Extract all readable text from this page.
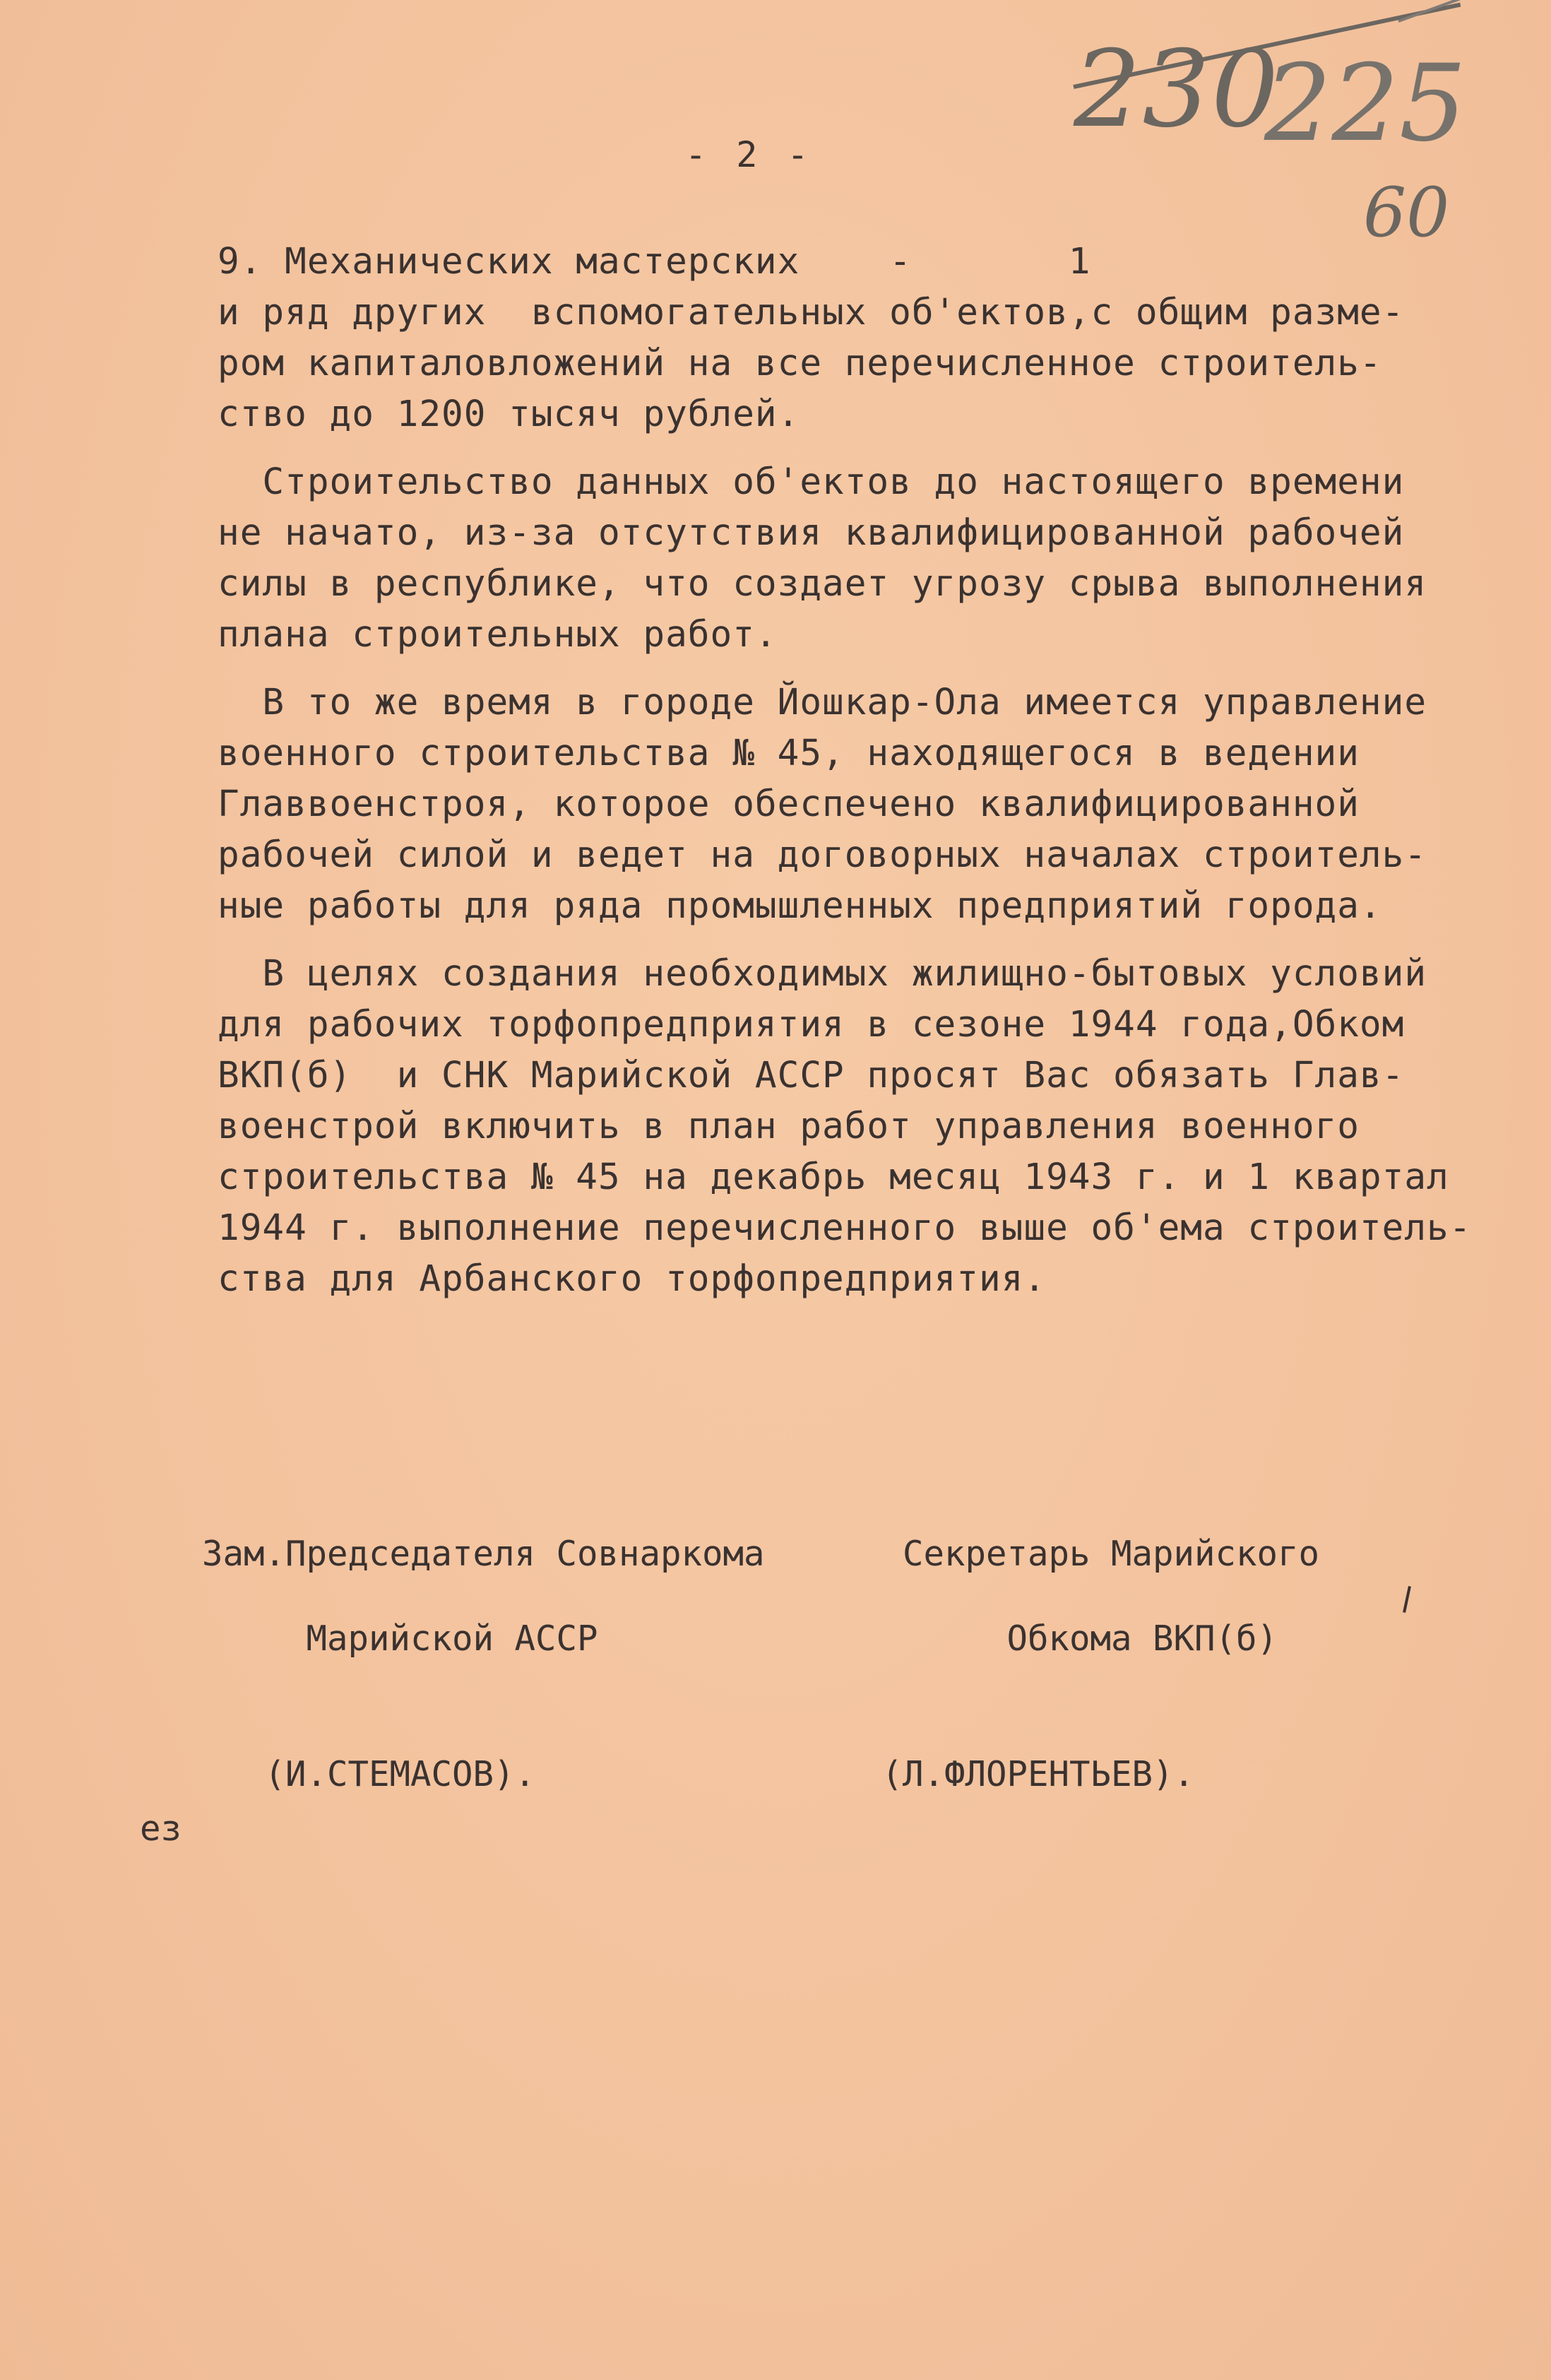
230
225
60
- 2 -
9. Механических мастерских    -       1
и ряд других  вспомогательных об'ектов,с общим разме-
ром капиталовложений на все перечисленное строитель-
ство до 1200 тысяч рублей.
Строительство данных об'ектов до настоящего времени
не начато, из-за отсутствия квалифицированной рабочей
силы в республике, что создает угрозу срыва выполнения
плана строительных работ.
В то же время в городе Йошкар-Ола имеется управление
военного строительства № 45, находящегося в ведении
Главвоенстроя, которое обеспечено квалифицированной
рабочей силой и ведет на договорных началах строитель-
ные работы для ряда промышленных предприятий города.
В целях создания необходимых жилищно-бытовых условий
для рабочих торфопредприятия в сезоне 1944 года,Обком
ВКП(б)  и СНК Марийской АССР просят Вас обязать Глав-
военстрой включить в план работ управления военного
строительства № 45 на декабрь месяц 1943 г. и 1 квартал
1944 г. выполнение перечисленного выше об'ема строитель-
ства для Арбанского торфопредприятия.

Зам.Председателя Совнаркома

Марийской АССР

(И.СТЕМАСОВ).

Секретарь Марийского

Обкома ВКП(б)

(Л.ФЛОРЕНТЬЕВ).

ез
